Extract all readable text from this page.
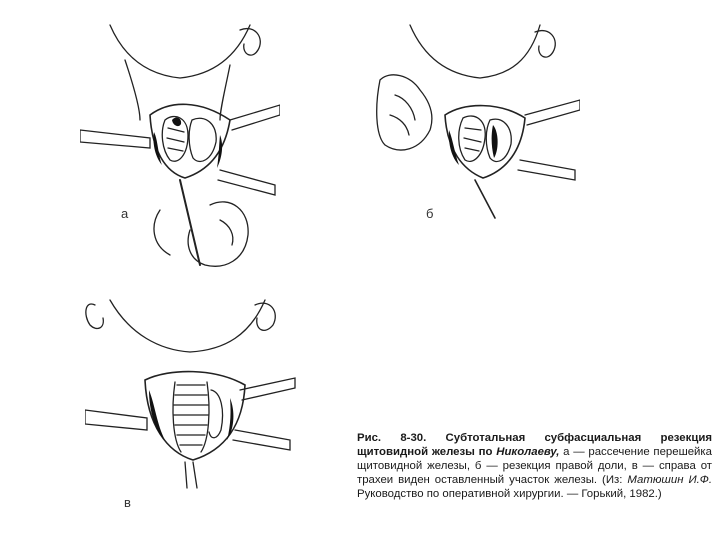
а	б
в
Рис. 8-30. Субтотальная субфасциальная резекция щитовидной железы по Николаеву, а — рассечение перешейка щитовидной железы, б — резекция правой доли, в — справа от трахеи виден оставленный участок железы. (Из: Матюшин И.Ф. Руководство по оперативной хирургии. — Горький, 1982.)
